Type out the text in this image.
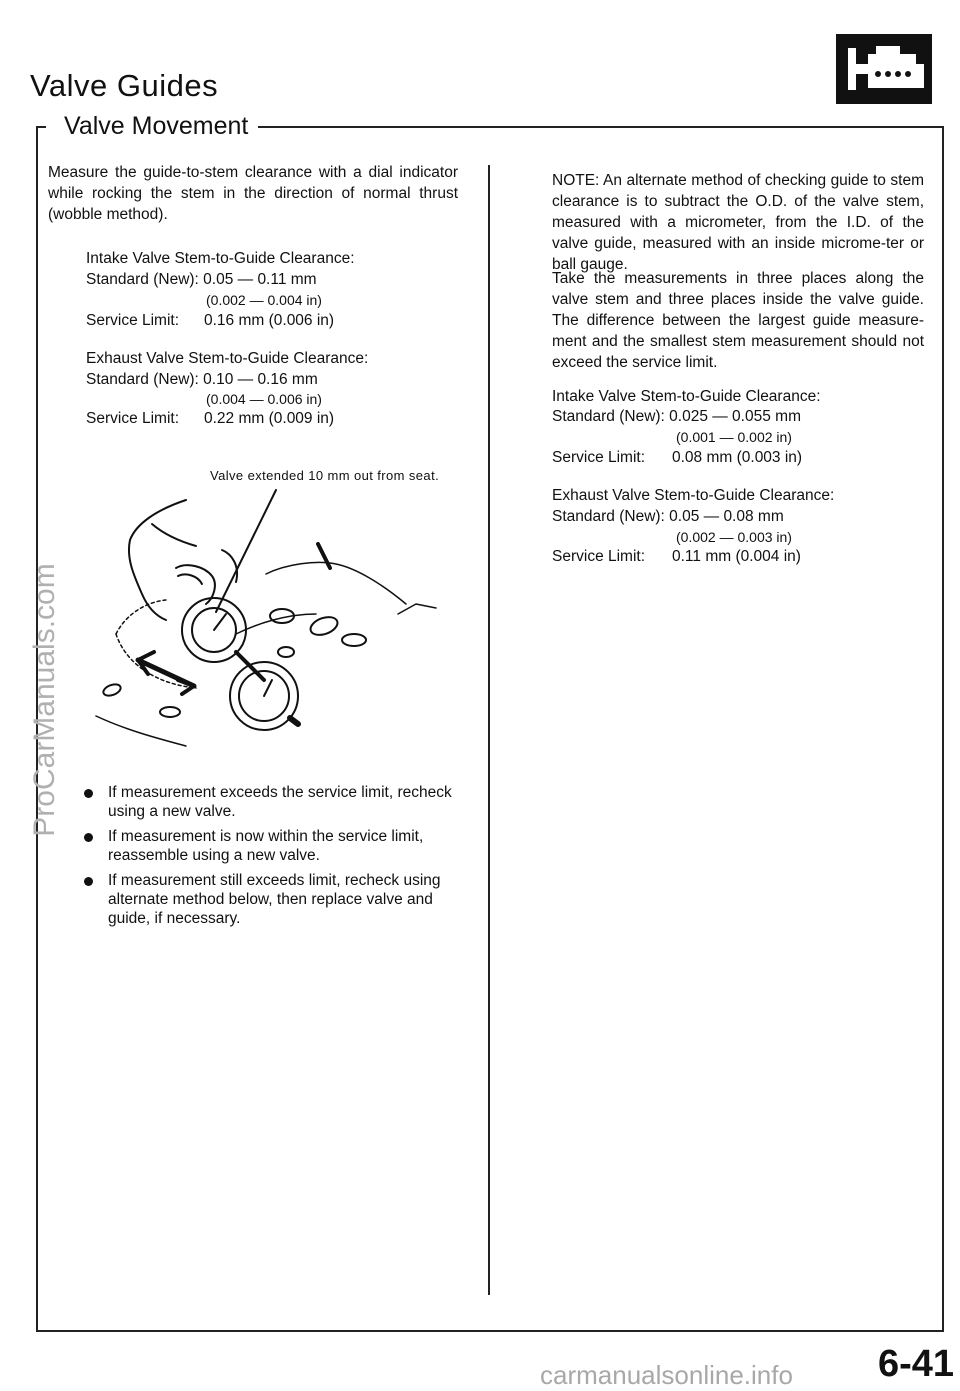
Valve Guides
Valve Movement
Measure the guide-to-stem clearance with a dial indicator while rocking the stem in the direction of normal thrust (wobble method).
Intake Valve Stem-to-Guide Clearance:
Standard (New): 0.05 — 0.11 mm
(0.002 — 0.004 in)
Service Limit: 0.16 mm (0.006 in)
Exhaust Valve Stem-to-Guide Clearance:
Standard (New): 0.10 — 0.16 mm
(0.004 — 0.006 in)
Service Limit: 0.22 mm (0.009 in)
Valve extended 10 mm out from seat.
If measurement exceeds the service limit, recheck using a new valve.
If measurement is now within the service limit, reassemble using a new valve.
If measurement still exceeds limit, recheck using alternate method below, then replace valve and guide, if necessary.
NOTE: An alternate method of checking guide to stem clearance is to subtract the O.D. of the valve stem, measured with a micrometer, from the I.D. of the valve guide, measured with an inside microme-ter or ball gauge.
Take the measurements in three places along the valve stem and three places inside the valve guide. The difference between the largest guide measure-ment and the smallest stem measurement should not exceed the service limit.
Intake Valve Stem-to-Guide Clearance:
Standard (New): 0.025 — 0.055 mm
(0.001 — 0.002 in)
Service Limit: 0.08 mm (0.003 in)
Exhaust Valve Stem-to-Guide Clearance:
Standard (New): 0.05 — 0.08 mm
(0.002 — 0.003 in)
Service Limit: 0.11 mm (0.004 in)
carmanualsonline.info 6-41
ProCarManuals.com
